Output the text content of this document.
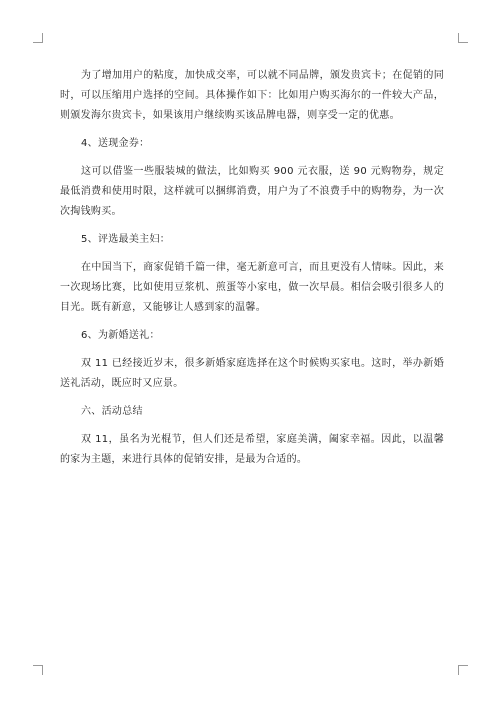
为了增加用户的粘度，加快成交率，可以就不同品牌，颁发贵宾卡；在促销的同时，可以压缩用户选择的空间。具体操作如下：比如用户购买海尔的一件较大产品，则颁发海尔贵宾卡，如果该用户继续购买该品牌电器，则享受一定的优惠。

4、送现金券：

这可以借鉴一些服装城的做法，比如购买 900 元衣服，送 90 元购物券，规定最低消费和使用时限，这样就可以捆绑消费，用户为了不浪费手中的购物券，为一次次掏钱购买。

5、评选最美主妇：

在中国当下，商家促销千篇一律，毫无新意可言，而且更没有人情味。因此，来一次现场比赛，比如使用豆浆机、煎蛋等小家电，做一次早晨。相信会吸引很多人的目光。既有新意，又能够让人感到家的温馨。

6、为新婚送礼：

双 11 已经接近岁末，很多新婚家庭选择在这个时候购买家电。这时，举办新婚送礼活动，既应时又应景。

六、活动总结

双 11，虽名为光棍节，但人们还是希望，家庭美满，阖家幸福。因此，以温馨的家为主题，来进行具体的促销安排，是最为合适的。
